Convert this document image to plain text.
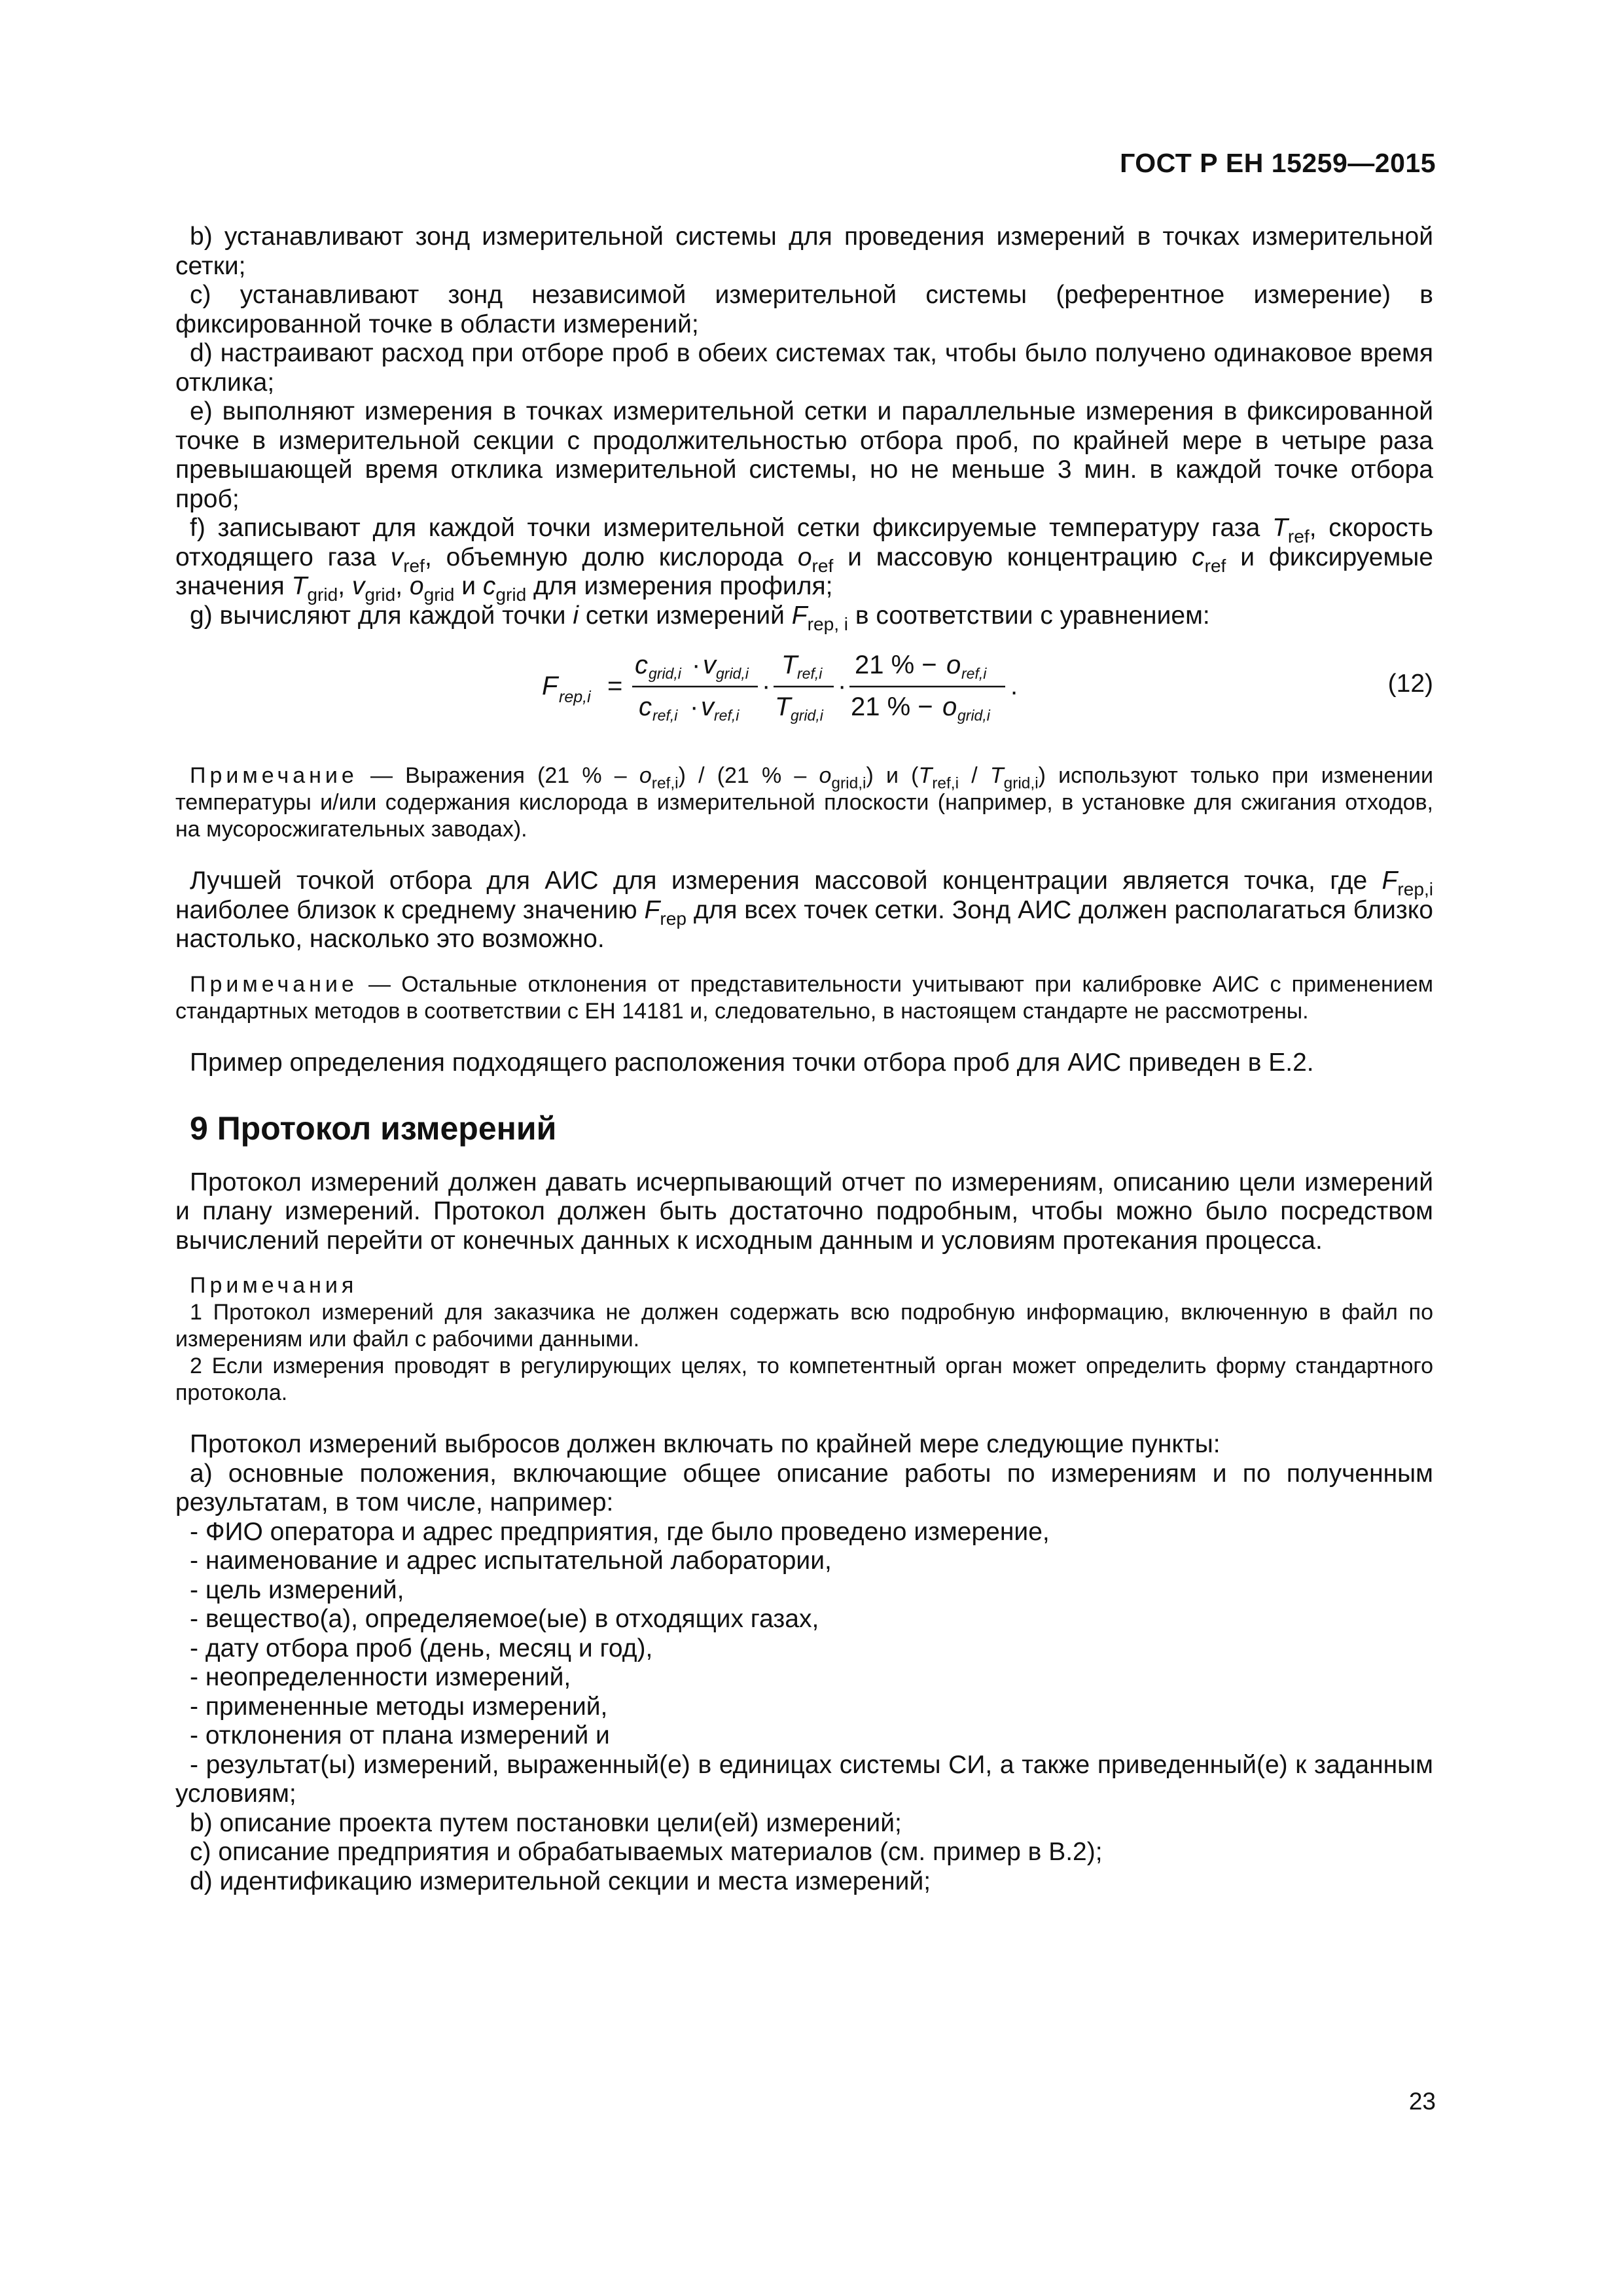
ГОСТ Р ЕН 15259—2015

b) устанавливают зонд измерительной системы для проведения измерений в точках измерительной сетки;

c) устанавливают зонд независимой измерительной системы (референтное измерение) в фиксированной точке в области измерений;

d) настраивают расход при отборе проб в обеих системах так, чтобы было получено одинаковое время отклика;

e) выполняют измерения в точках измерительной сетки и параллельные измерения в фиксированной точке в измерительной секции с продолжительностью отбора проб, по крайней мере в четыре раза превышающей время отклика измерительной системы, но не меньше 3 мин. в каждой точке отбора проб;

f) записывают для каждой точки измерительной сетки фиксируемые температуру газа $T_{ref}$, скорость отходящего газа $v_{ref}$, объемную долю кислорода $o_{ref}$ и массовую концентрацию $c_{ref}$ и фиксируемые значения $T_{grid}$, $v_{grid}$, $o_{grid}$ и $c_{grid}$ для измерения профиля;

g) вычисляют для каждой точки i сетки измерений $F_{rep, i}$ в соответствии с уравнением:

F rep,i =
c grid,i · v grid,i
c ref,i · v ref,i
·
T ref,i
T grid,i
·
21 % − o ref,i
21 % − o grid,i
.	(12)

Примечание — Выражения (21 % – $o_{ref,i}) / (21$ % – $o_{grid,i}$) и $(T_{ref,i} / T_{grid,i})$ используют только при изменении температуры и/или содержания кислорода в измерительной плоскости (например, в установке для сжигания отходов, на мусоросжигательных заводах).

Лучшей точкой отбора для АИС для измерения массовой концентрации является точка, где $F_{rep,i}$ наиболее близок к среднему значению $F_{rep}$ для всех точек сетки. Зонд АИС должен располагаться близко настолько, насколько это возможно.

Примечание — Остальные отклонения от представительности учитывают при калибровке АИС с применением стандартных методов в соответствии с ЕН 14181 и, следовательно, в настоящем стандарте не рассмотрены.

Пример определения подходящего расположения точки отбора проб для АИС приведен в Е.2.

9 Протокол измерений

Протокол измерений должен давать исчерпывающий отчет по измерениям, описанию цели измерений и плану измерений. Протокол должен быть достаточно подробным, чтобы можно было посредством вычислений перейти от конечных данных к исходным данным и условиям протекания процесса.

Примечания

1 Протокол измерений для заказчика не должен содержать всю подробную информацию, включенную в файл по измерениям или файл с рабочими данными.

2 Если измерения проводят в регулирующих целях, то компетентный орган может определить форму стандартного протокола.

Протокол измерений выбросов должен включать по крайней мере следующие пункты:

a) основные положения, включающие общее описание работы по измерениям и по полученным результатам, в том числе, например:

- ФИО оператора и адрес предприятия, где было проведено измерение,

- наименование и адрес испытательной лаборатории,

- цель измерений,

- вещество(а), определяемое(ые) в отходящих газах,

- дату отбора проб (день, месяц и год),

- неопределенности измерений,

- примененные методы измерений,

- отклонения от плана измерений и

- результат(ы) измерений, выраженный(е) в единицах системы СИ, а также приведенный(е) к заданным условиям;

b) описание проекта путем постановки цели(ей) измерений;

c) описание предприятия и обрабатываемых материалов (см. пример в В.2);

d) идентификацию измерительной секции и места измерений;

23
